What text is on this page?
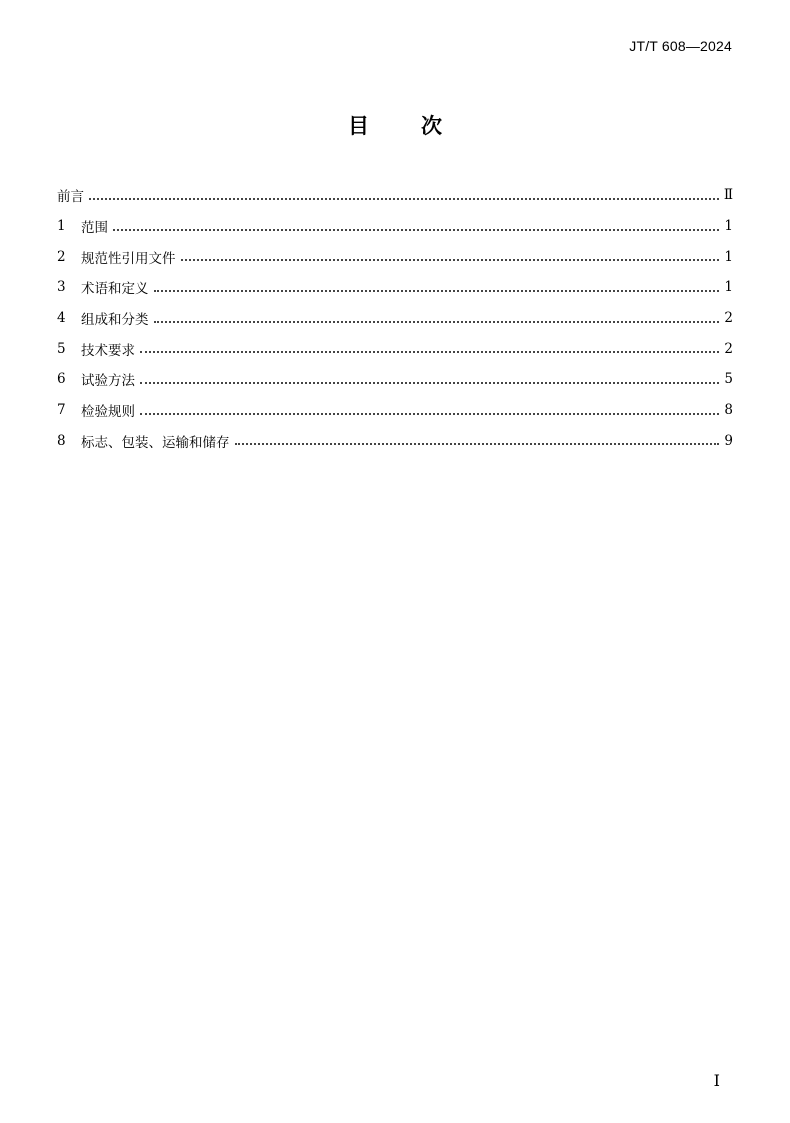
JT/T 608—2024
目 次
前言	Ⅱ
1	范围	1
2	规范性引用文件	1
3	术语和定义	1
4	组成和分类	2
5	技术要求	2
6	试验方法	5
7	检验规则	8
8	标志、包装、运输和储存	9
I
